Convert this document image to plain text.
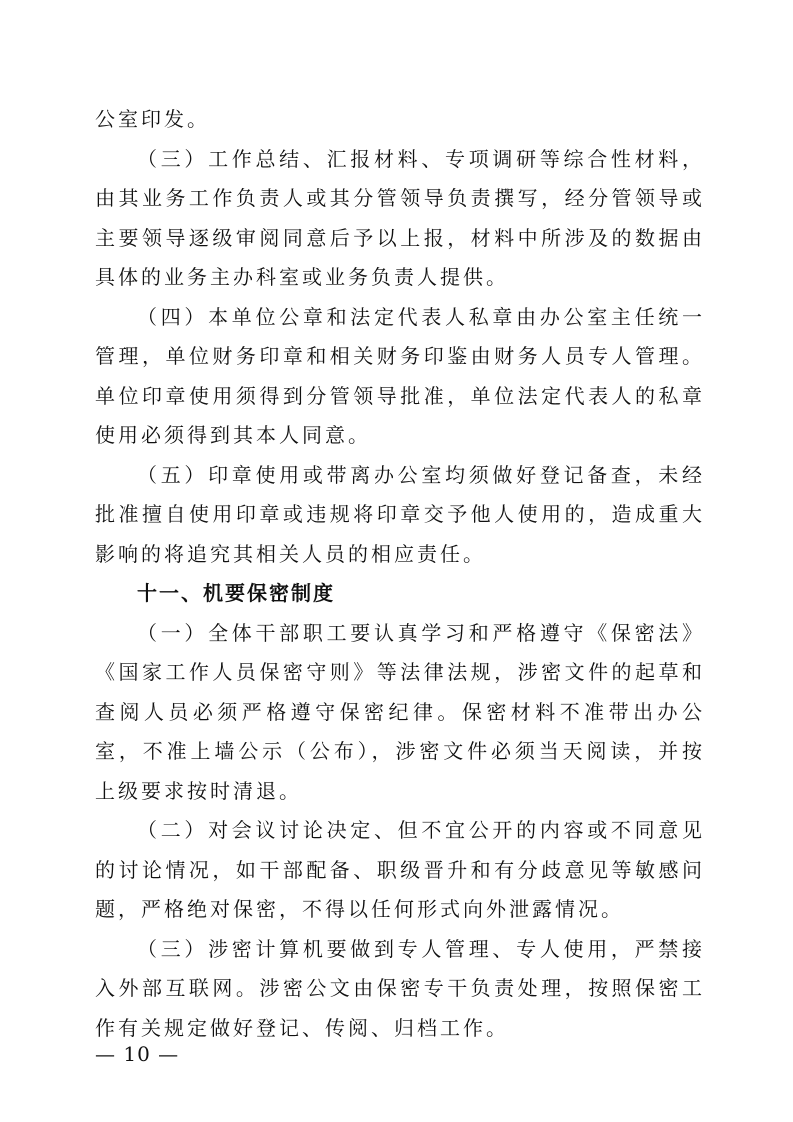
公室印发。

（三）工作总结、汇报材料、专项调研等综合性材料，由其业务工作负责人或其分管领导负责撰写，经分管领导或主要领导逐级审阅同意后予以上报，材料中所涉及的数据由具体的业务主办科室或业务负责人提供。

（四）本单位公章和法定代表人私章由办公室主任统一管理，单位财务印章和相关财务印鉴由财务人员专人管理。单位印章使用须得到分管领导批准，单位法定代表人的私章使用必须得到其本人同意。

（五）印章使用或带离办公室均须做好登记备查，未经批准擅自使用印章或违规将印章交予他人使用的，造成重大影响的将追究其相关人员的相应责任。

十一、机要保密制度

（一）全体干部职工要认真学习和严格遵守《保密法》《国家工作人员保密守则》等法律法规，涉密文件的起草和查阅人员必须严格遵守保密纪律。保密材料不准带出办公室，不准上墙公示（公布），涉密文件必须当天阅读，并按上级要求按时清退。

（二）对会议讨论决定、但不宜公开的内容或不同意见的讨论情况，如干部配备、职级晋升和有分歧意见等敏感问题，严格绝对保密，不得以任何形式向外泄露情况。

（三）涉密计算机要做到专人管理、专人使用，严禁接入外部互联网。涉密公文由保密专干负责处理，按照保密工作有关规定做好登记、传阅、归档工作。

— 10 —
